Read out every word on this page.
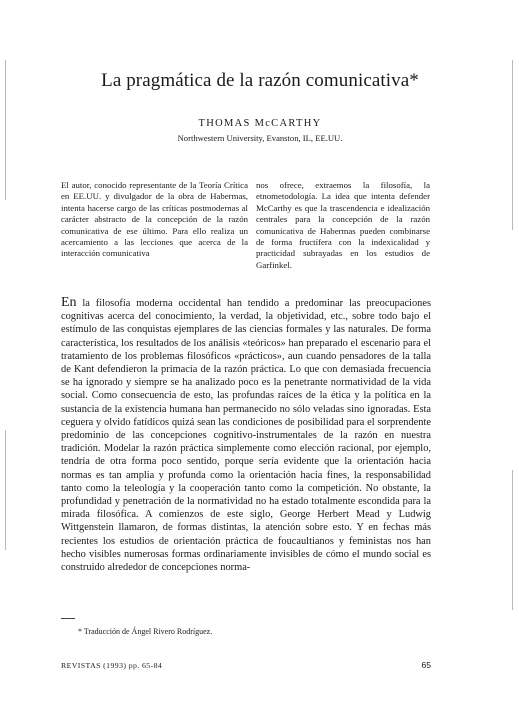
La pragmática de la razón comunicativa*
THOMAS McCARTHY
Northwestern University, Evanston, IL, EE.UU.

El autor, conocido representante de la Teoría Crítica en EE.UU. y divulgador de la obra de Habermas, intenta hacerse cargo de las críticas postmodernas al carácter abstracto de la concepción de la razón comunicativa de ese último. Para ello realiza un acercamiento a las lecciones que acerca de la interacción comunicativa

nos ofrece, extraemos la filosofía, la etnometodología. La idea que intenta defender McCarthy es que la trascendencia e idealización centrales para la concepción de la razón comunicativa de Habermas pueden combinarse de forma fructífera con la indexicalidad y practicidad subrayadas en los estudios de Garfinkel.

En la filosofía moderna occidental han tendido a predominar las preocupaciones cognitivas acerca del conocimiento, la verdad, la objetividad, etc., sobre todo bajo el estímulo de las conquistas ejemplares de las ciencias formales y las naturales. De forma característica, los resultados de los análisis «teóricos» han preparado el escenario para el tratamiento de los problemas filosóficos «prácticos», aun cuando pensadores de la talla de Kant defendieron la primacía de la razón práctica. Lo que con demasiada frecuencia se ha ignorado y siempre se ha analizado poco es la penetrante normatividad de la vida social. Como consecuencia de esto, las profundas raíces de la ética y la política en la sustancia de la existencia humana han permanecido no sólo veladas sino ignoradas. Esta ceguera y olvido fatídicos quizá sean las condiciones de posibilidad para el sorprendente predominio de las concepciones cognitivo-instrumentales de la razón en nuestra tradición. Modelar la razón práctica simplemente como elección racional, por ejemplo, tendría de otra forma poco sentido, porque sería evidente que la orientación hacia normas es tan amplia y profunda como la orientación hacia fines, la responsabilidad tanto como la teleología y la cooperación tanto como la competición. No obstante, la profundidad y penetración de la normatividad no ha estado totalmente escondida para la mirada filosófica. A comienzos de este siglo, George Herbert Mead y Ludwig Wittgenstein llamaron, de formas distintas, la atención sobre esto. Y en fechas más recientes los estudios de orientación práctica de foucaultianos y feministas nos han hecho visibles numerosas formas ordinariamente invisibles de cómo el mundo social es construido alrededor de concepciones norma-

* Traducción de Ángel Rivero Rodríguez.
REVISTAS (1993) pp. 65-84	65
